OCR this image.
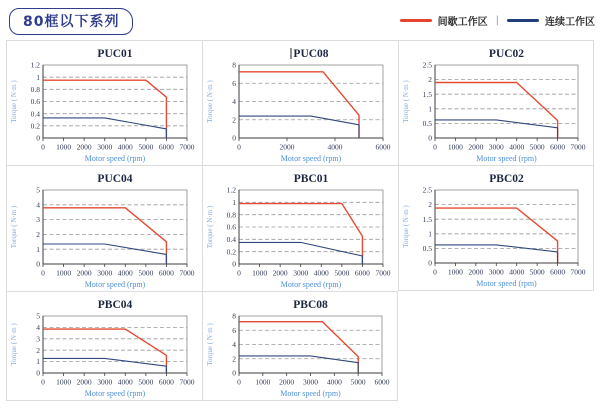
80框以下系列	间歇工作区 |	连续工作区
0 1000 2000 3000 4000 5000 6000 7000
0
0.2
0.4
0.6
0.8
1
1.2
PUC01
Motor speed (rpm)
Torque ( N·m )
0	2000	4000	6000
0
2
4
6
8
PUC08
Motor speed (rpm)
Torque ( N·m )
0 1000 2000 3000 4000 5000 6000 7000
0
0.5
1
1.5
2
2.5
PUC02
Motor speed (rpm)
Torque ( N·m )
0 1000 2000 3000 4000 5000 6000 7000
0
1
2
3
4
5
PUC04
Motor speed (rpm)
Torque ( N·m )
0 1000 2000 3000 4000 5000 6000 7000
0
0.2
0.4
0.6
0.8
1
1.2
PBC01
Motor speed (rpm)
Torque ( N·m )
0 1000 2000 3000 4000 5000 6000 7000
0
0.5
1
1.5
2
2.5
PBC02
Motor speed (rpm)
Torque ( N·m )
0 1000 2000 3000 4000 5000 6000 7000
0
1
2
3
4
5
PBC04
Motor speed (rpm)
Torque ( N·m )
0 1000 2000 3000 4000 5000 6000
0
2
4
6
8
PBC08
Motor speed (rpm)
Torque ( N·m )
